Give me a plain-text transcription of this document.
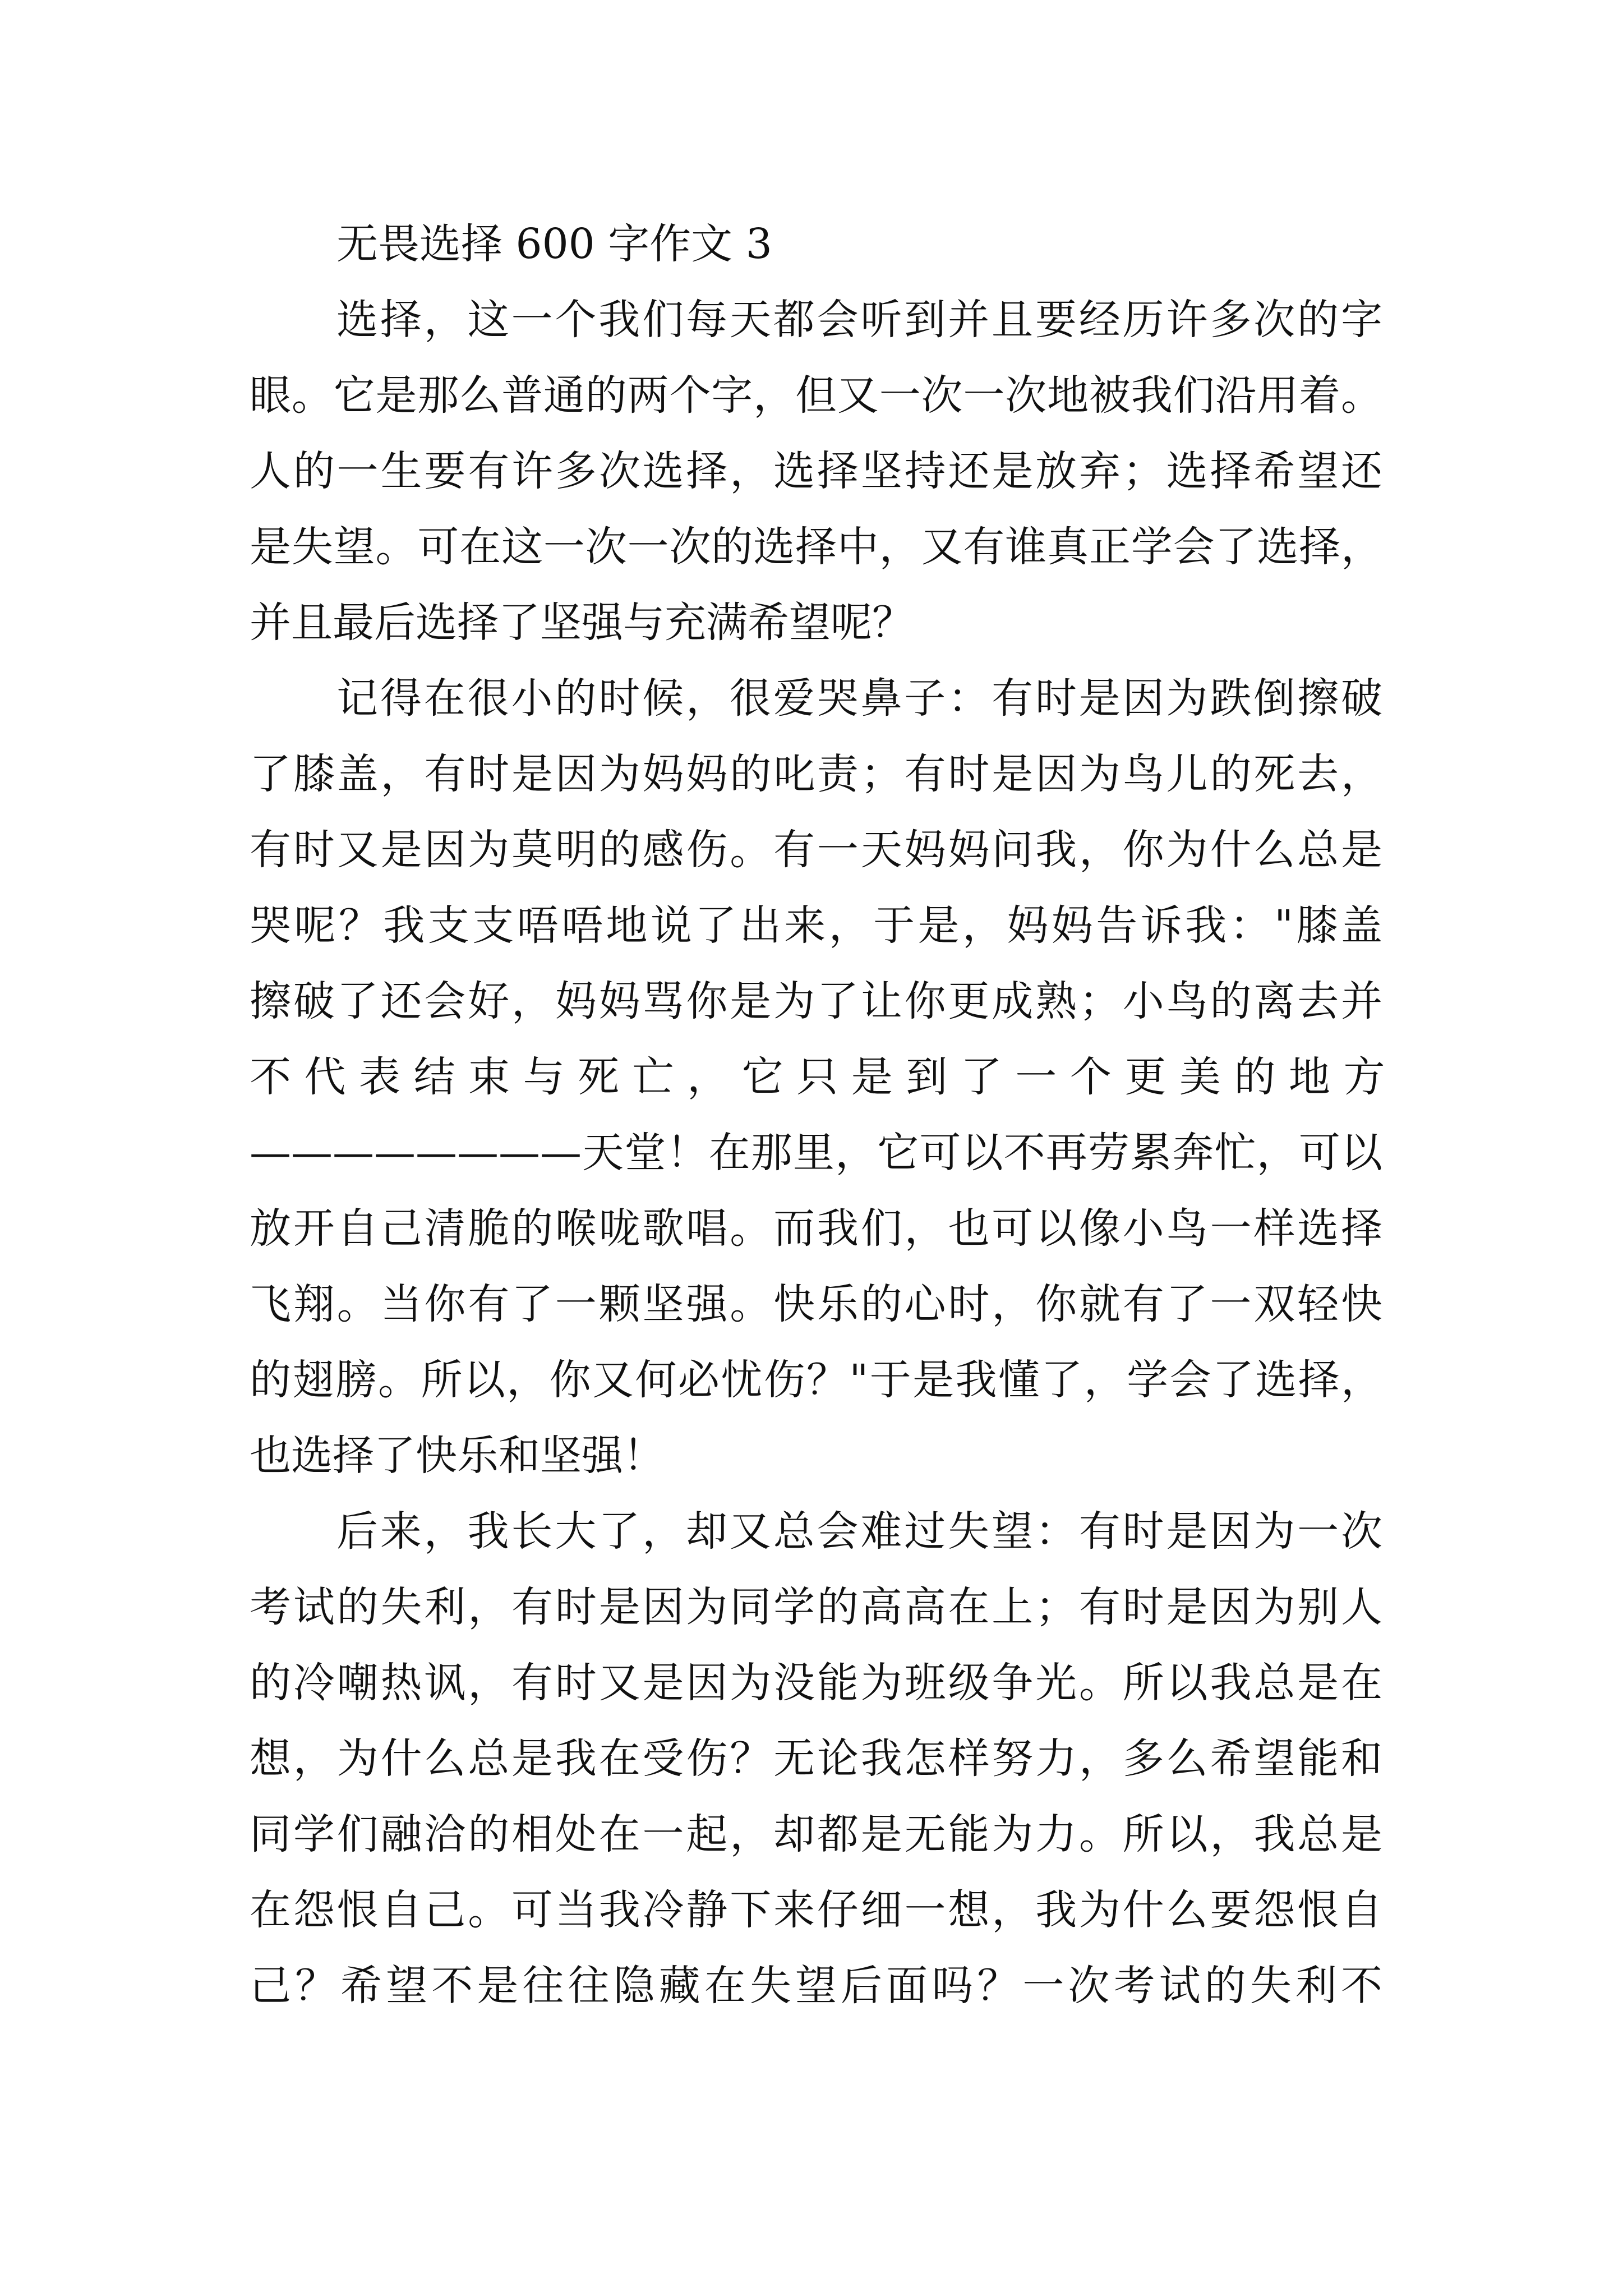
无畏选择 600 字作文 3
选择，这一个我们每天都会听到并且要经历许多次的字
眼。它是那么普通的两个字，但又一次一次地被我们沿用着。
人的一生要有许多次选择，选择坚持还是放弃；选择希望还
是失望。可在这一次一次的选择中，又有谁真正学会了选择，
并且最后选择了坚强与充满希望呢？
记得在很小的时候，很爱哭鼻子：有时是因为跌倒擦破
了膝盖，有时是因为妈妈的叱责；有时是因为鸟儿的死去，
有时又是因为莫明的感伤。有一天妈妈问我，你为什么总是
哭呢？我支支唔唔地说了出来，于是，妈妈告诉我："膝盖
擦破了还会好，妈妈骂你是为了让你更成熟；小鸟的离去并
不 代 表 结 束 与 死 亡 ， 它 只 是 到 了 一 个 更 美 的 地 方
————————天堂！在那里，它可以不再劳累奔忙，可以
放开自己清脆的喉咙歌唱。而我们，也可以像小鸟一样选择
飞翔。当你有了一颗坚强。快乐的心时，你就有了一双轻快
的翅膀。所以，你又何必忧伤？"于是我懂了，学会了选择，
也选择了快乐和坚强！
后来，我长大了，却又总会难过失望：有时是因为一次
考试的失利，有时是因为同学的高高在上；有时是因为别人
的冷嘲热讽，有时又是因为没能为班级争光。所以我总是在
想，为什么总是我在受伤？无论我怎样努力，多么希望能和
同学们融洽的相处在一起，却都是无能为力。所以，我总是
在怨恨自己。可当我冷静下来仔细一想，我为什么要怨恨自
己？希望不是往往隐藏在失望后面吗？一次考试的失利不
